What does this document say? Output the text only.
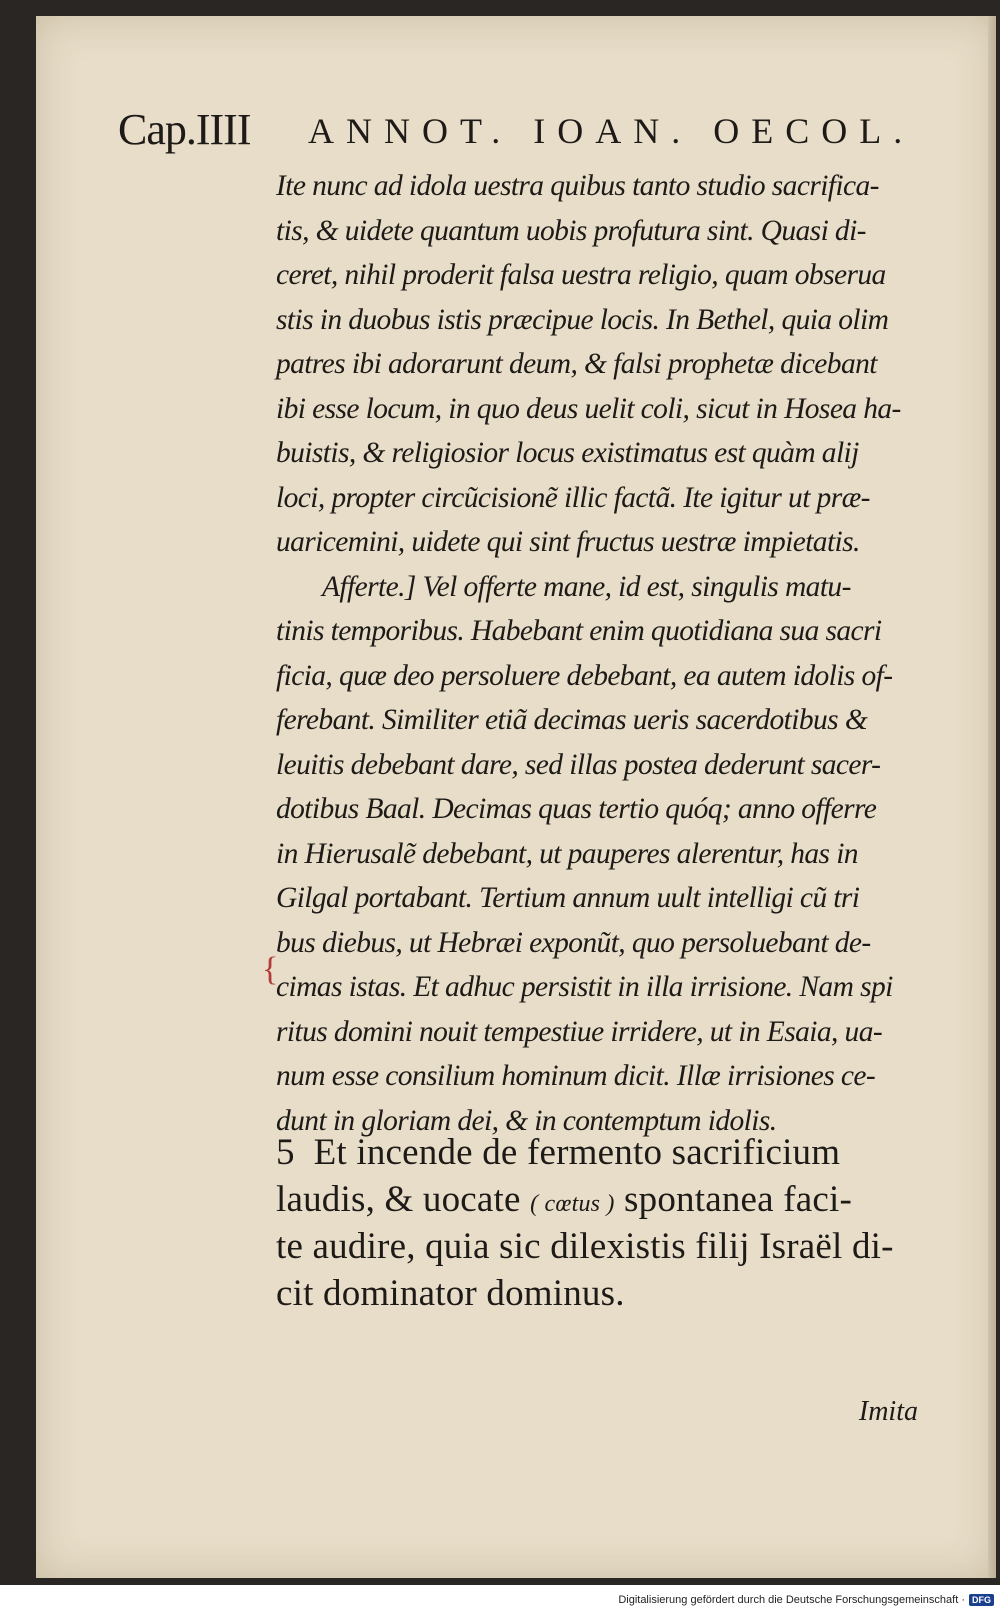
Cap.IIII ANNOT. IOAN. OECOL.
{
Ite nunc ad idola uestra quibus tanto studio sacrifica-
tis, & uidete quantum uobis profutura sint. Quasi di-
ceret, nihil proderit falsa uestra religio, quam obserua
stis in duobus istis præcipue locis. In Bethel, quia olim
patres ibi adorarunt deum, & falsi prophetæ dicebant
ibi esse locum, in quo deus uelit coli, sicut in Hosea ha-
buistis, & religiosior locus existimatus est quàm alij
loci, propter circũcisionẽ illic factã. Ite igitur ut præ-
uaricemini, uidete qui sint fructus uestræ impietatis.
Afferte.] Vel offerte mane, id est, singulis matu-
tinis temporibus. Habebant enim quotidiana sua sacri
ficia, quæ deo persoluere debebant, ea autem idolis of-
ferebant. Similiter etiã decimas ueris sacerdotibus &
leuitis debebant dare, sed illas postea dederunt sacer-
dotibus Baal. Decimas quas tertio quóq; anno offerre
in Hierusalẽ debebant, ut pauperes alerentur, has in
Gilgal portabant. Tertium annum uult intelligi cũ tri
bus diebus, ut Hebræi exponũt, quo persoluebant de-
cimas istas. Et adhuc persistit in illa irrisione. Nam spi
ritus domini nouit tempestiue irridere, ut in Esaia, ua-
num esse consilium hominum dicit. Illæ irrisiones ce-
dunt in gloriam dei, & in contemptum idolis.
5 Et incende de fermento sacrificium
laudis, & uocate ( cœtus ) spontanea faci-
te audire, quia sic dilexistis filij Israël di-
cit dominator dominus.
Imita
Digitalisierung gefördert durch die Deutsche Forschungsgemeinschaft · DFG
